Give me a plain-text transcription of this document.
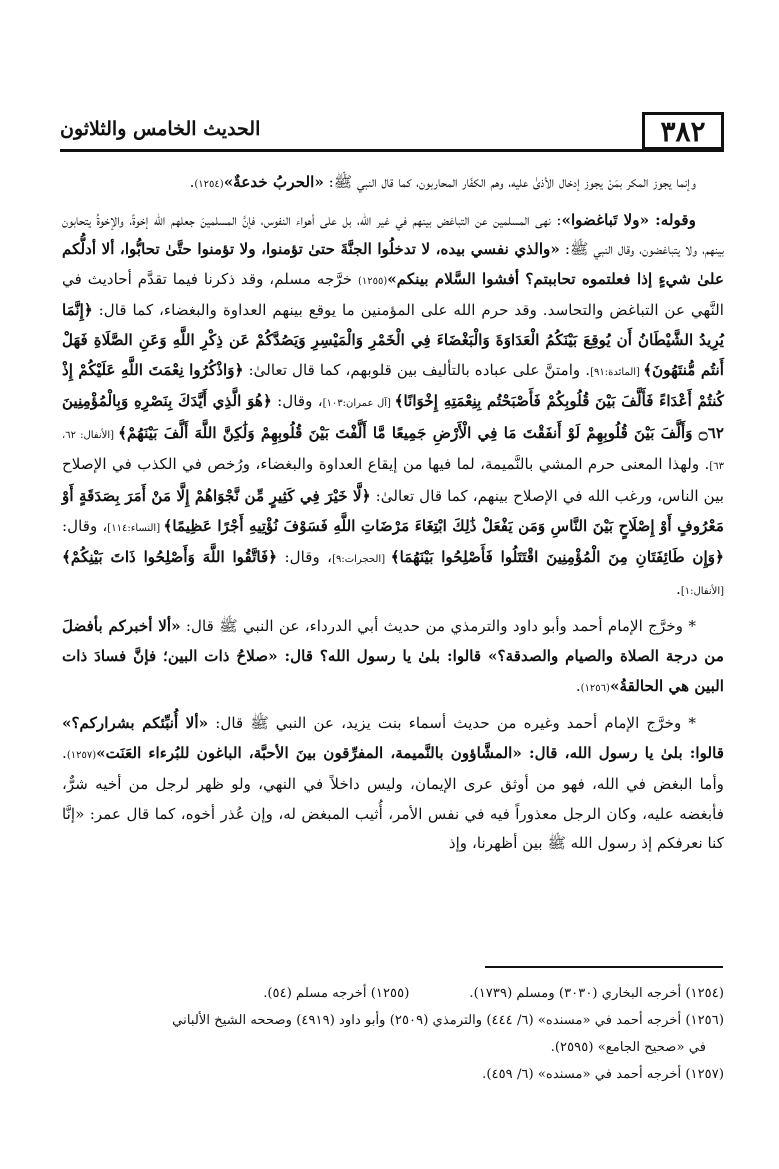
٣٨٢
الحديث الخامس والثلاثون

وإنما يجوز المكر بمَنْ يجوز إدخال الأذىٰ عليه، وهم الكفّار المحاربون، كما قال النبي ﷺ: «الحربُ خدعةٌ»(١٢٥٤).

وقوله: «ولا تَباغضوا»: نهى المسلمين عن التباغض بينهم في غير الله، بل على أهواء النفوس، فإنَّ المسلمينَ جعلهم الله إخوةً، والإخوةُ يتحابون بينهم، ولا يتباغضون، وقال النبي ﷺ: «والذي نفسي بيده، لا تدخلُوا الجنَّةَ حتىٰ تؤمنوا، ولا تؤمنوا حتَّىٰ تحابُّوا، ألا أدلُّكم علىٰ شيءٍ إذا فعلتموه تحاببتم؟ أفشوا السَّلام بينكم»(١٢٥٥) خرَّجه مسلم، وقد ذكرنا فيما تقدَّم أحاديث في النَّهي عن التباغض والتحاسد. وقد حرم الله على المؤمنين ما يوقع بينهم العداوة والبغضاء، كما قال: ﴿إِنَّمَا يُرِيدُ الشَّيْطَانُ أَن يُوقِعَ بَيْنَكُمُ الْعَدَاوَةَ وَالْبَغْضَاءَ فِي الْخَمْرِ وَالْمَيْسِرِ وَيَصُدَّكُمْ عَن ذِكْرِ اللَّهِ وَعَنِ الصَّلَاةِ فَهَلْ أَنتُم مُّنتَهُونَ﴾ [المائدة:٩١]. وامتنَّ على عباده بالتأليف بين قلوبهم، كما قال تعالىٰ: ﴿وَاذْكُرُوا نِعْمَتَ اللَّهِ عَلَيْكُمْ إِذْ كُنتُمْ أَعْدَاءً فَأَلَّفَ بَيْنَ قُلُوبِكُمْ فَأَصْبَحْتُم بِنِعْمَتِهِ إِخْوَانًا﴾ [آل عمران:١٠٣]، وقال: ﴿هُوَ الَّذِي أَيَّدَكَ بِنَصْرِهِ وَبِالْمُؤْمِنِينَ ۝٦٢ وَأَلَّفَ بَيْنَ قُلُوبِهِمْ لَوْ أَنفَقْتَ مَا فِي الْأَرْضِ جَمِيعًا مَّا أَلَّفْتَ بَيْنَ قُلُوبِهِمْ وَلَٰكِنَّ اللَّهَ أَلَّفَ بَيْنَهُمْ﴾ [الأنفال: ٦٢، ٦٣]. ولهذا المعنى حرم المشي بالنَّميمة، لما فيها من إيقاع العداوة والبغضاء، ورُخص في الكذب في الإصلاح بين الناس، ورغب الله في الإصلاح بينهم، كما قال تعالىٰ: ﴿لَّا خَيْرَ فِي كَثِيرٍ مِّن نَّجْوَاهُمْ إِلَّا مَنْ أَمَرَ بِصَدَقَةٍ أَوْ مَعْرُوفٍ أَوْ إِصْلَاحٍ بَيْنَ النَّاسِ وَمَن يَفْعَلْ ذَٰلِكَ ابْتِغَاءَ مَرْضَاتِ اللَّهِ فَسَوْفَ نُؤْتِيهِ أَجْرًا عَظِيمًا﴾ [النساء:١١٤]، وقال: ﴿وَإِن طَائِفَتَانِ مِنَ الْمُؤْمِنِينَ اقْتَتَلُوا فَأَصْلِحُوا بَيْنَهُمَا﴾ [الحجرات:٩]، وقال: ﴿فَاتَّقُوا اللَّهَ وَأَصْلِحُوا ذَاتَ بَيْنِكُمْ﴾ [الأنفال:١].

* وخرَّج الإمام أحمد وأبو داود والترمذي من حديث أبي الدرداء، عن النبي ﷺ قال: «ألا أخبركم بأفضلَ من درجة الصلاة والصيام والصدقة؟» قالوا: بلىٰ يا رسول الله؟ قال: «صلاحُ ذات البين؛ فإنَّ فسادَ ذات البين هي الحالقةُ»(١٢٥٦).

* وخرَّج الإمام أحمد وغيره من حديث أسماء بنت يزيد، عن النبي ﷺ قال: «ألا أُنبِّئكم بشراركم؟» قالوا: بلىٰ يا رسول الله، قال: «المشَّاؤون بالنَّميمة، المفرِّقون بينَ الأحبَّة، الباغون للبُرءاء العَنَت»(١٢٥٧). وأما البغض في الله، فهو من أوثق عرى الإيمان، وليس داخلاً في النهي، ولو ظهر لرجل من أخيه شرٌّ، فأبغضه عليه، وكان الرجل معذوراً فيه في نفس الأمر، أُثيب المبغض له، وإن عُذر أخوه، كما قال عمر: «إنَّا كنا نعرفكم إذ رسول الله ﷺ بين أظهرنا، وإذ

(١٢٥٤) أخرجه البخاري (٣٠٣٠) ومسلم (١٧٣٩).

(١٢٥٥) أخرجه مسلم (٥٤).

(١٢٥٦) أخرجه أحمد في «مسنده» (٦/ ٤٤٤) والترمذي (٢٥٠٩) وأبو داود (٤٩١٩) وصححه الشيخ الألباني

في «صحيح الجامع» (٢٥٩٥).

(١٢٥٧) أخرجه أحمد في «مسنده» (٦/ ٤٥٩).
